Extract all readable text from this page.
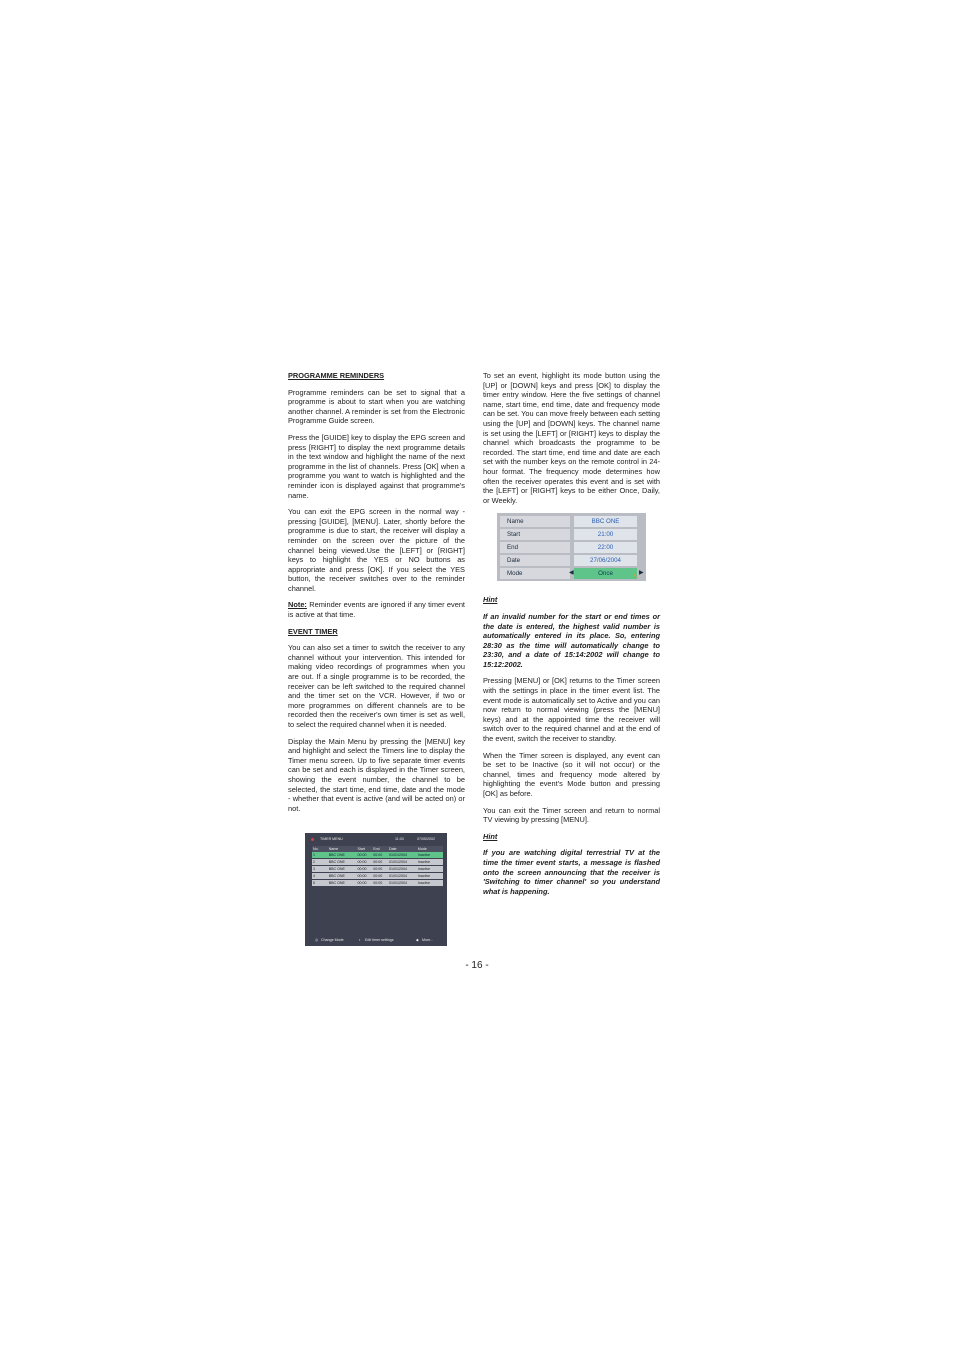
PROGRAMME REMINDERS

Programme reminders can be set to signal that a programme is about to start when you are watching another channel. A reminder is set from the Electronic Programme Guide screen.

Press the [GUIDE] key to display the EPG screen and press [RIGHT] to display the next programme details in the text window and highlight the name of the next programme in the list of channels. Press [OK] when a programme you want to watch is highlighted and the reminder icon is displayed against that programme's name.

You can exit the EPG screen in the normal way - pressing [GUIDE], [MENU]. Later, shortly before the programme is due to start, the receiver will display a reminder on the screen over the picture of the channel being viewed.Use the [LEFT] or [RIGHT] keys to highlight the YES or NO buttons as appropriate and press [OK]. If you select the YES button, the receiver switches over to the reminder channel.

Note: Reminder events are ignored if any timer event is active at that time.

EVENT TIMER

You can also set a timer to switch the receiver to any channel without your intervention. This intended for making video recordings of programmes when you are out. If a single programme is to be recorded, the receiver can be left switched to the required channel and the timer set on the VCR. However, if two or more programmes on different channels are to be recorded then the receiver's own timer is set as well, to select the required channel when it is needed.

Display the Main Menu by pressing the [MENU] key and highlight and select the Timers line to display the Timer menu screen. Up to five separate timer events can be set and each is displayed in the Timer screen, showing the event number, the channel to be selected, the start time, end time, date and the mode - whether that event is active (and will be acted on) or not.

TIMER MENU	11:03	07/05/2002
No.	Name	Start	End	Date	Mode
1	BBC ONE	00:00	00:00	01/01/2004	Inactive
2	BBC ONE	00:00	00:00	01/01/2004	Inactive
3	BBC ONE	00:00	00:00	01/01/2004	Inactive
4	BBC ONE	00:00	00:00	01/01/2004	Inactive
5	BBC ONE	00:00	00:00	01/01/2004	Inactive
◎ Change Mode	▪ Edit timer settings	◆ More...

To set an event, highlight its mode button using the [UP] or [DOWN] keys and press [OK] to display the timer entry window. Here the five settings of channel name, start time, end time, date and frequency mode can be set. You can move freely between each setting using the [UP] and [DOWN] keys. The channel name is set using the [LEFT] or [RIGHT] keys to display the channel which broadcasts the programme to be recorded. The start time, end time and date are each set with the number keys on the remote control in 24-hour format. The frequency mode determines how often the receiver operates this event and is set with the [LEFT] or [RIGHT] keys to be either Once, Daily, or Weekly.

Hint

If an invalid number for the start or end times or the date is entered, the highest valid number is automatically entered in its place. So, entering 28:30 as the time will automatically change to 23:30, and a date of 15:14:2002 will change to 15:12:2002.

Pressing [MENU] or [OK] returns to the Timer screen with the settings in place in the timer event list. The event mode is automatically set to Active and you can now return to normal viewing (press the [MENU] keys) and at the appointed time the receiver will switch over to the required channel and at the end of the event, switch the receiver to standby.

When the Timer screen is displayed, any event can be set to be Inactive (so it will not occur) or the channel, times and frequency mode altered by highlighting the event's Mode button and pressing [OK] as before.

You can exit the Timer screen and return to normal TV viewing by pressing [MENU].

Hint

If you are watching digital terrestrial TV at the time the timer event starts, a message is flashed onto the screen announcing that the receiver is 'Switching to timer channel' so you understand what is happening.

Name	BBC ONE
Start	21:00
End	22:00
Date	27/06/2004
Mode	◀	Once	▶
↖
- 16 -
